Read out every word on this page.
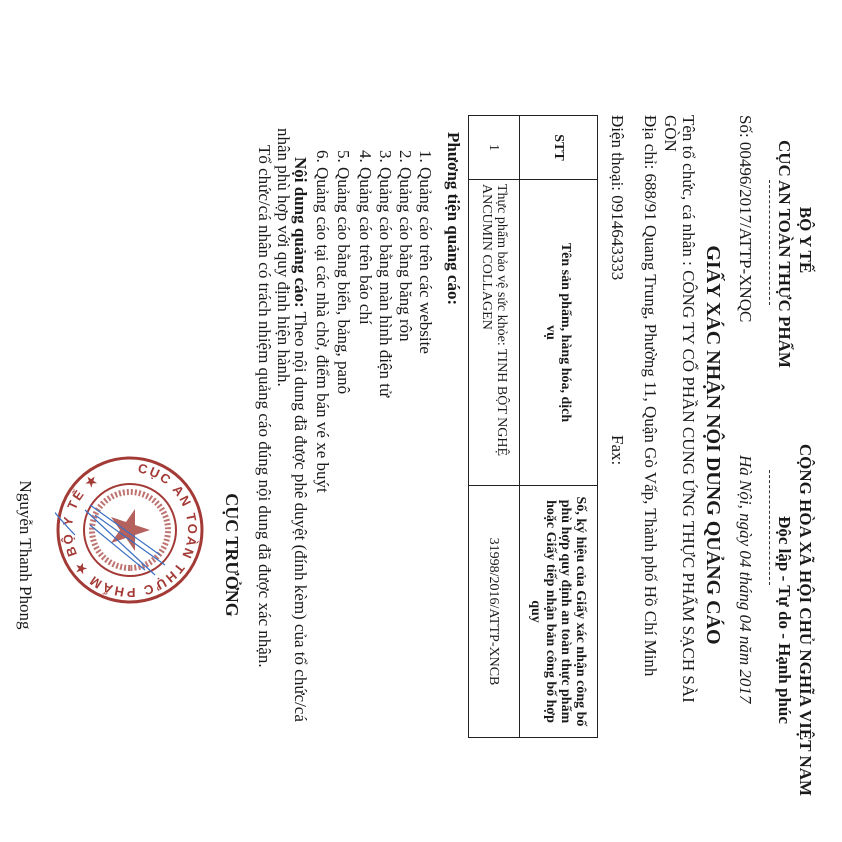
BỘ Y TẾ
CỤC AN TOÀN THỰC PHẨM
CỘNG HÒA XÃ HỘI CHỦ NGHĨA VIỆT NAM
Độc lập - Tự do - Hạnh phúc
Số: 00496/2017/ATTP-XNQC
Hà Nội, ngày 04 tháng 04 năm 2017
GIẤY XÁC NHẬN NỘI DUNG QUẢNG CÁO
Tên tổ chức, cá nhân : CÔNG TY CỔ PHẦN CUNG ỨNG THỰC PHẨM SẠCH SÀI
GÒN
Địa chỉ: 688/91 Quang Trung, Phường 11, Quận Gò Vấp, Thành phố Hồ Chí Minh
Điện thoại: 0914643333
Fax:
STT	Tên sản phẩm, hàng hóa, dịch vụ	Số, ký hiệu của Giấy xác nhận công bố phù hợp quy định an toàn thực phẩm hoặc Giấy tiếp nhận bản công bố hợp quy
1	Thực phẩm bảo vệ sức khỏe: TINH BỘT NGHỆ ANCUMIN COLLAGEN	31998/2016/ATTP-XNCB
Phương tiện quảng cáo:
1. Quảng cáo trên các website
2. Quảng cáo bằng băng rôn
3. Quảng cáo bằng màn hình điện tử
4. Quảng cáo trên báo chí
5. Quảng cáo bằng biển, bảng, panô
6. Quảng cáo tại các nhà chờ, điểm bán vé xe buýt
Nội dung quảng cáo: Theo nội dung đã được phê duyệt (đính kèm) của tổ chức/cá
nhân phù hợp với quy định hiện hành.
Tổ chức/cá nhân có trách nhiệm quảng cáo đúng nội dung đã được xác nhận.
CỤC TRƯỞNG
CỤC AN TOÀN THỰC PHẨM ★ BỘ Y TẾ ★
Nguyễn Thanh Phong
